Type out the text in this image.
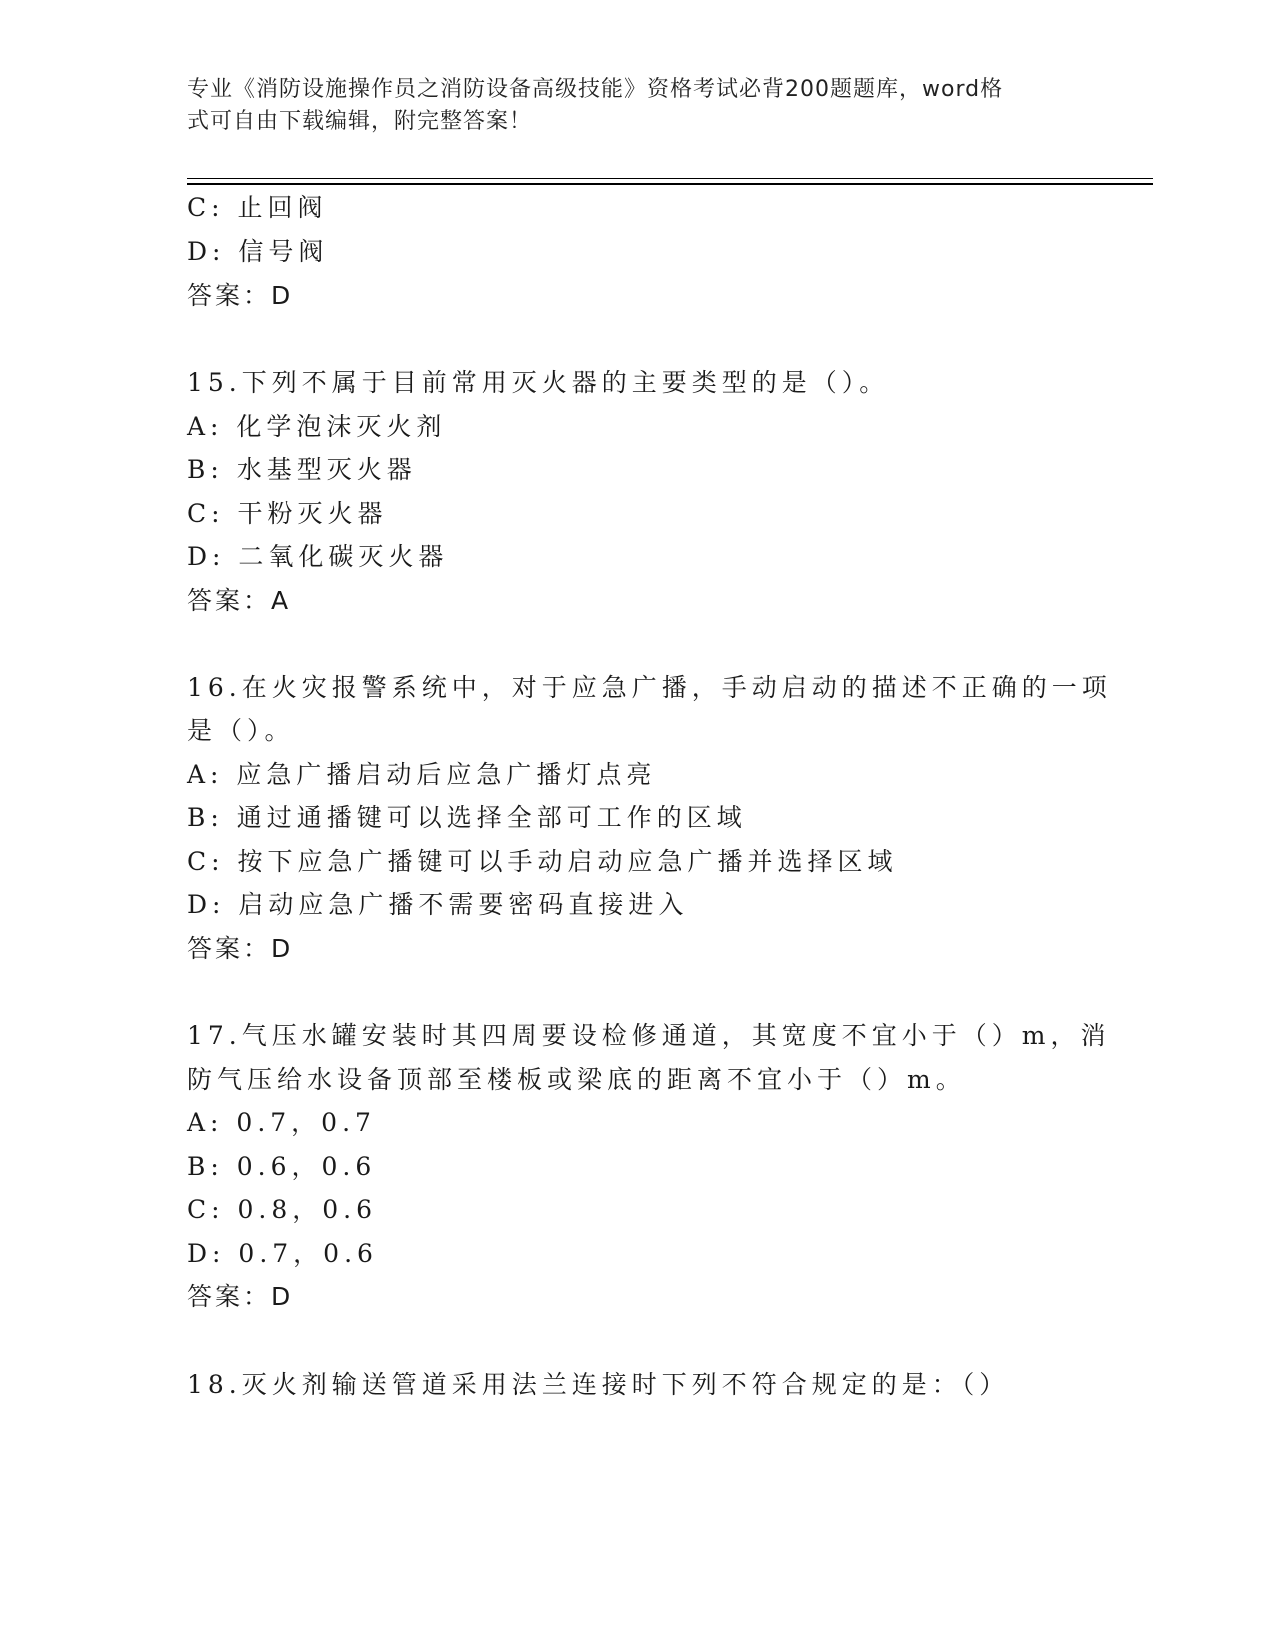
专业《消防设施操作员之消防设备高级技能》资格考试必背200题题库，word格
式可自由下载编辑，附完整答案！
C: 止回阀
D: 信号阀
答案：D
15.下列不属于目前常用灭火器的主要类型的是（）。
A: 化学泡沫灭火剂
B: 水基型灭火器
C: 干粉灭火器
D: 二氧化碳灭火器
答案：A
16.在火灾报警系统中，对于应急广播，手动启动的描述不正确的一项
是（）。
A: 应急广播启动后应急广播灯点亮
B: 通过通播键可以选择全部可工作的区域
C: 按下应急广播键可以手动启动应急广播并选择区域
D: 启动应急广播不需要密码直接进入
答案：D
17.气压水罐安装时其四周要设检修通道，其宽度不宜小于（）m，消
防气压给水设备顶部至楼板或梁底的距离不宜小于（）m。
A: 0.7，0.7
B: 0.6，0.6
C: 0.8，0.6
D: 0.7，0.6
答案：D
18.灭火剂输送管道采用法兰连接时下列不符合规定的是：（）
